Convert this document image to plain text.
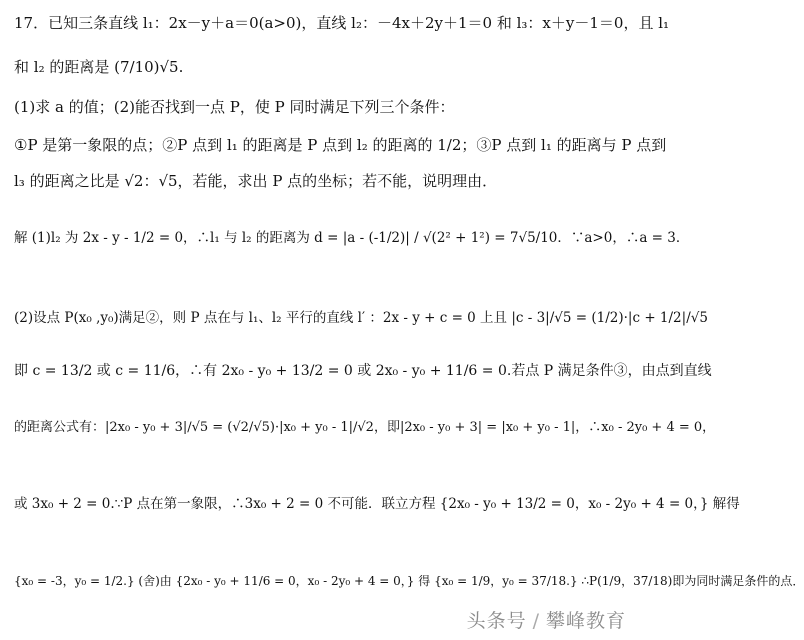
17．已知三条直线 l₁：2x－y＋a＝0(a>0)，直线 l₂：－4x＋2y＋1＝0 和 l₃：x＋y－1＝0，且 l₁
和 l₂ 的距离是 (7/10)√5.
(1)求 a 的值；(2)能否找到一点 P，使 P 同时满足下列三个条件：
①P 是第一象限的点；②P 点到 l₁ 的距离是 P 点到 l₂ 的距离的 1/2；③P 点到 l₁ 的距离与 P 点到
l₃ 的距离之比是 √2：√5，若能，求出 P 点的坐标；若不能，说明理由．
解 (1)l₂ 为 2x - y - 1/2 = 0，∴l₁ 与 l₂ 的距离为 d = |a - (-1/2)| / √(2² + 1²) = 7√5/10．∵a>0，∴a = 3．
(2)设点 P(x₀ ,y₀)满足②，则 P 点在与 l₁、l₂ 平行的直线 l′ ：2x - y + c = 0 上且 |c - 3|/√5 = (1/2)·|c + 1/2|/√5
即 c = 13/2 或 c = 11/6，∴有 2x₀ - y₀ + 13/2 = 0 或 2x₀ - y₀ + 11/6 = 0.若点 P 满足条件③，由点到直线
的距离公式有：|2x₀ - y₀ + 3|/√5 = (√2/√5)·|x₀ + y₀ - 1|/√2，即|2x₀ - y₀ + 3| = |x₀ + y₀ - 1|，∴x₀ - 2y₀ + 4 = 0，
或 3x₀ + 2 = 0.∵P 点在第一象限，∴3x₀ + 2 = 0 不可能．联立方程 {2x₀ - y₀ + 13/2 = 0，x₀ - 2y₀ + 4 = 0，} 解得
{x₀ = -3，y₀ = 1/2.} (舍)由 {2x₀ - y₀ + 11/6 = 0，x₀ - 2y₀ + 4 = 0，} 得 {x₀ = 1/9，y₀ = 37/18.} ∴P(1/9，37/18)即为同时满足条件的点．
头条号 / 攀峰教育
